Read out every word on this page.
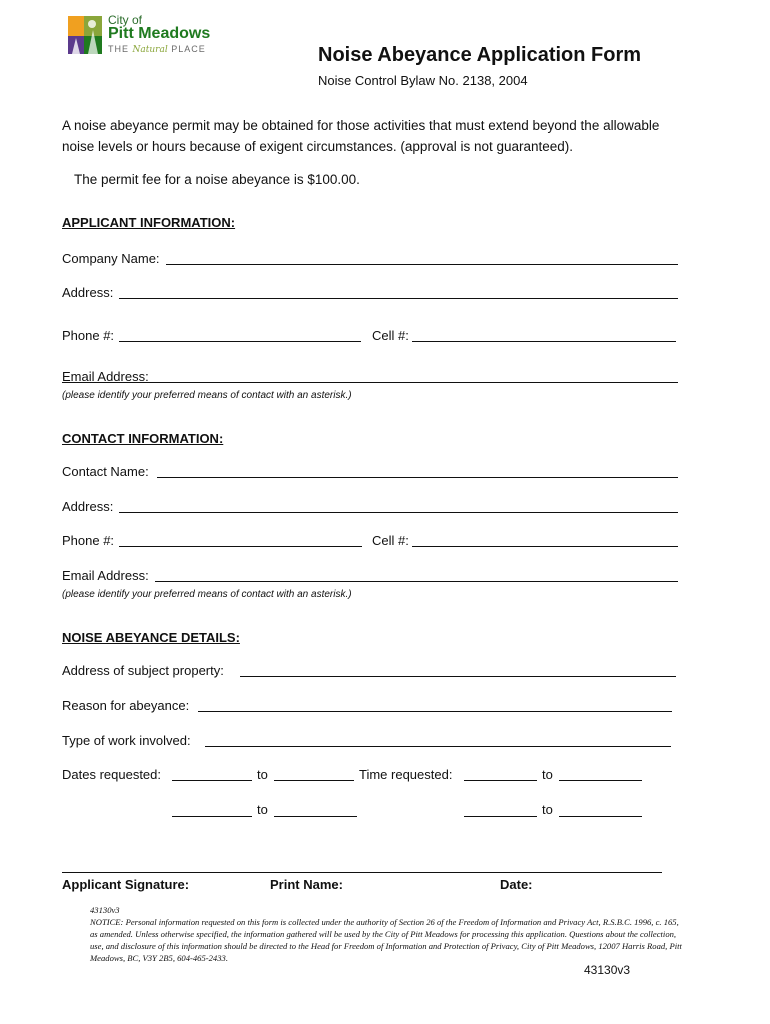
City of
Pitt Meadows
THE Natural PLACE	Noise Abeyance Application Form
Noise Control Bylaw No. 2138, 2004
A noise abeyance permit may be obtained for those activities that must extend beyond the allowable noise levels or hours because of exigent circumstances. (approval is not guaranteed).
The permit fee for a noise abeyance is $100.00.
APPLICANT INFORMATION:
Company Name:
Address:
Phone #:	Cell #:
Email Address:
(please identify your preferred means of contact with an asterisk.)
CONTACT INFORMATION:
Contact Name:
Address:
Phone #:	Cell #:
Email Address:
(please identify your preferred means of contact with an asterisk.)
NOISE ABEYANCE DETAILS:
Address of subject property:
Reason for abeyance:
Type of work involved:
Dates requested:	to	Time requested:	to
to	to
Applicant Signature:	Print Name:	Date:
43130v3
NOTICE: Personal information requested on this form is collected under the authority of Section 26 of the Freedom of Information and Privacy Act, R.S.B.C. 1996, c. 165, as amended. Unless otherwise specified, the information gathered will be used by the City of Pitt Meadows for processing this application. Questions about the collection, use, and disclosure of this information should be directed to the Head for Freedom of Information and Protection of Privacy, City of Pitt Meadows, 12007 Harris Road, Pitt Meadows, BC, V3Y 2B5, 604-465-2433.
43130v3
